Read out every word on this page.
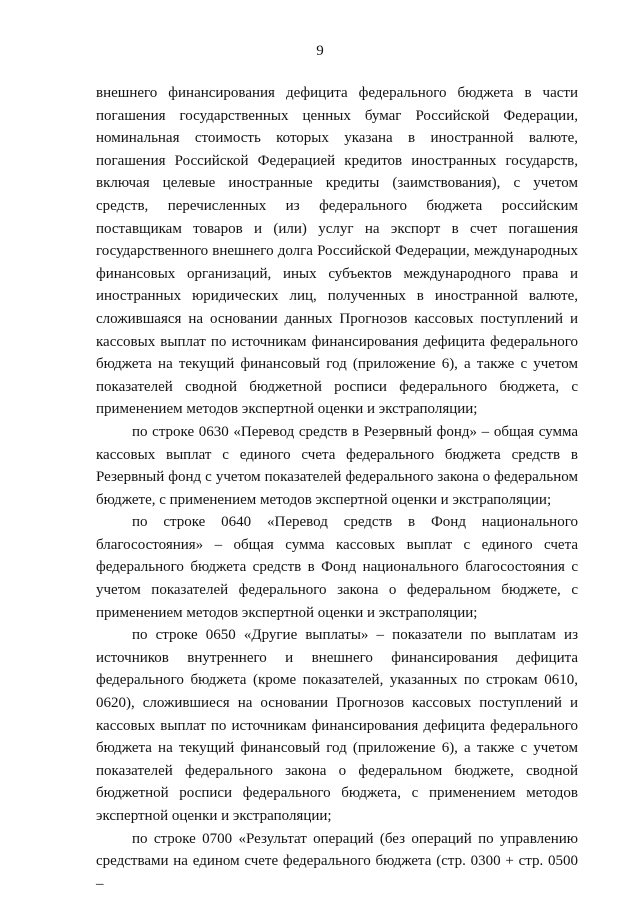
9

внешнего финансирования дефицита федерального бюджета в части погашения государственных ценных бумаг Российской Федерации, номинальная стоимость которых указана в иностранной валюте, погашения Российской Федерацией кредитов иностранных государств, включая целевые иностранные кредиты (заимствования), с учетом средств, перечисленных из федерального бюджета российским поставщикам товаров и (или) услуг на экспорт в счет погашения государственного внешнего долга Российской Федерации, международных финансовых организаций, иных субъектов международного права и иностранных юридических лиц, полученных в иностранной валюте, сложившаяся на основании данных Прогнозов кассовых поступлений и кассовых выплат по источникам финансирования дефицита федерального бюджета на текущий финансовый год (приложение 6), а также с учетом показателей сводной бюджетной росписи федерального бюджета, с применением методов экспертной оценки и экстраполяции;

по строке 0630 «Перевод средств в Резервный фонд» – общая сумма кассовых выплат с единого счета федерального бюджета средств в Резервный фонд с учетом показателей федерального закона о федеральном бюджете, с применением методов экспертной оценки и экстраполяции;

по строке 0640 «Перевод средств в Фонд национального благосостояния» – общая сумма кассовых выплат с единого счета федерального бюджета средств в Фонд национального благосостояния с учетом показателей федерального закона о федеральном бюджете, с применением методов экспертной оценки и экстраполяции;

по строке 0650 «Другие выплаты» – показатели по выплатам из источников внутреннего и внешнего финансирования дефицита федерального бюджета (кроме показателей, указанных по строкам 0610, 0620), сложившиеся на основании Прогнозов кассовых поступлений и кассовых выплат по источникам финансирования дефицита федерального бюджета на текущий финансовый год (приложение 6), а также с учетом показателей федерального закона о федеральном бюджете, сводной бюджетной росписи федерального бюджета, с применением методов экспертной оценки и экстраполяции;

по строке 0700 «Результат операций (без операций по управлению средствами на едином счете федерального бюджета (стр. 0300 + стр. 0500 –
